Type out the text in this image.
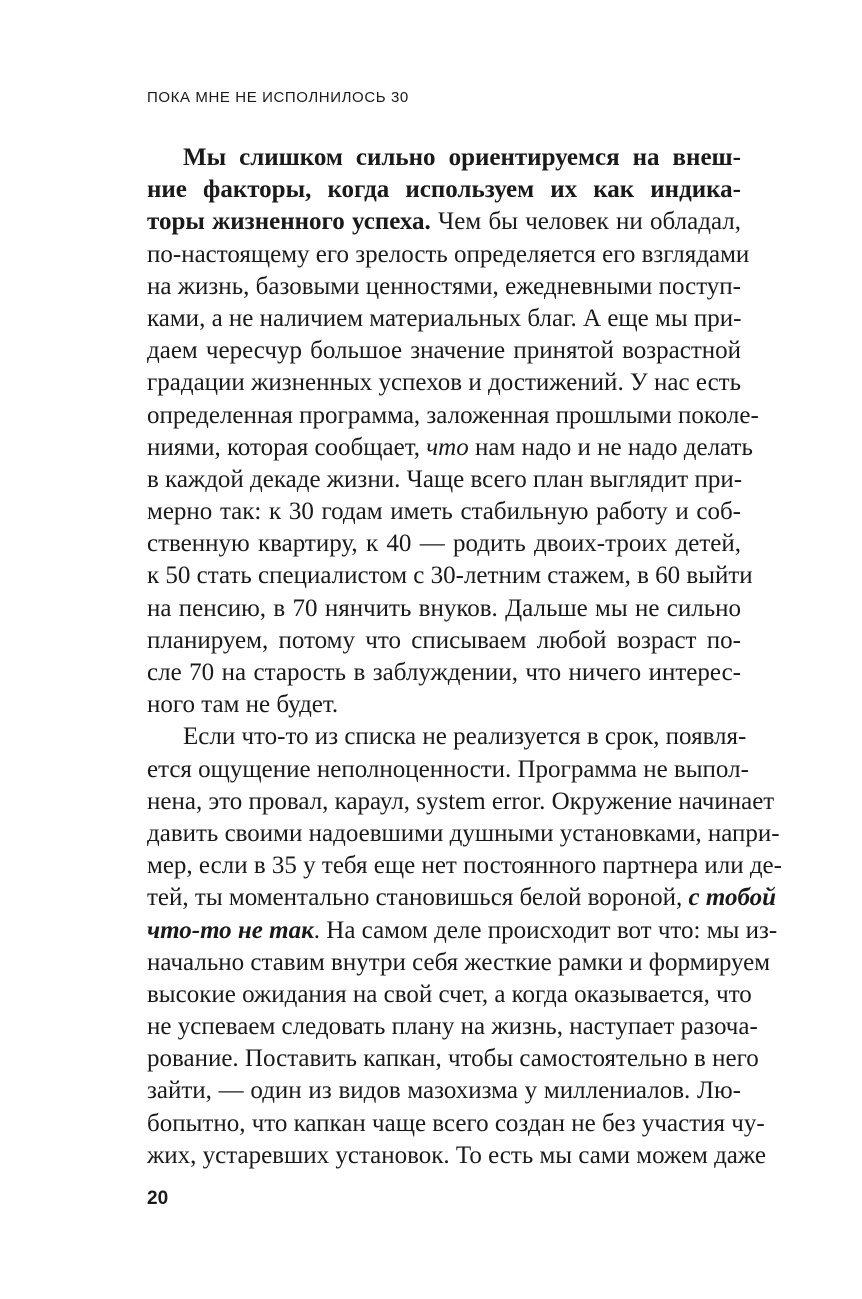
ПОКА МНЕ НЕ ИСПОЛНИЛОСЬ 30

Мы слишком сильно ориентируемся на внеш-
ние факторы, когда используем их как индика-
торы жизненного успеха. Чем бы человек ни обладал,
по-настоящему его зрелость определяется его взглядами
на жизнь, базовыми ценностями, ежедневными поступ-
ками, а не наличием материальных благ. А еще мы при-
даем чересчур большое значение принятой возрастной
градации жизненных успехов и достижений. У нас есть
определенная программа, заложенная прошлыми поколе-
ниями, которая сообщает, что нам надо и не надо делать
в каждой декаде жизни. Чаще всего план выглядит при-
мерно так: к 30 годам иметь стабильную работу и соб-
ственную квартиру, к 40 — родить двоих-троих детей,
к 50 стать специалистом с 30-летним стажем, в 60 выйти
на пенсию, в 70 нянчить внуков. Дальше мы не сильно
планируем, потому что списываем любой возраст по-
сле 70 на старость в заблуждении, что ничего интерес-
ного там не будет.
Если что-то из списка не реализуется в срок, появля-
ется ощущение неполноценности. Программа не выпол-
нена, это провал, караул, system error. Окружение начинает
давить своими надоевшими душными установками, напри-
мер, если в 35 у тебя еще нет постоянного партнера или де-
тей, ты моментально становишься белой вороной, с тобой
что-то не так. На самом деле происходит вот что: мы из-
начально ставим внутри себя жесткие рамки и формируем
высокие ожидания на свой счет, а когда оказывается, что
не успеваем следовать плану на жизнь, наступает разоча-
рование. Поставить капкан, чтобы самостоятельно в него
зайти, — один из видов мазохизма у миллениалов. Лю-
бопытно, что капкан чаще всего создан не без участия чу-
жих, устаревших установок. То есть мы сами можем даже

20
